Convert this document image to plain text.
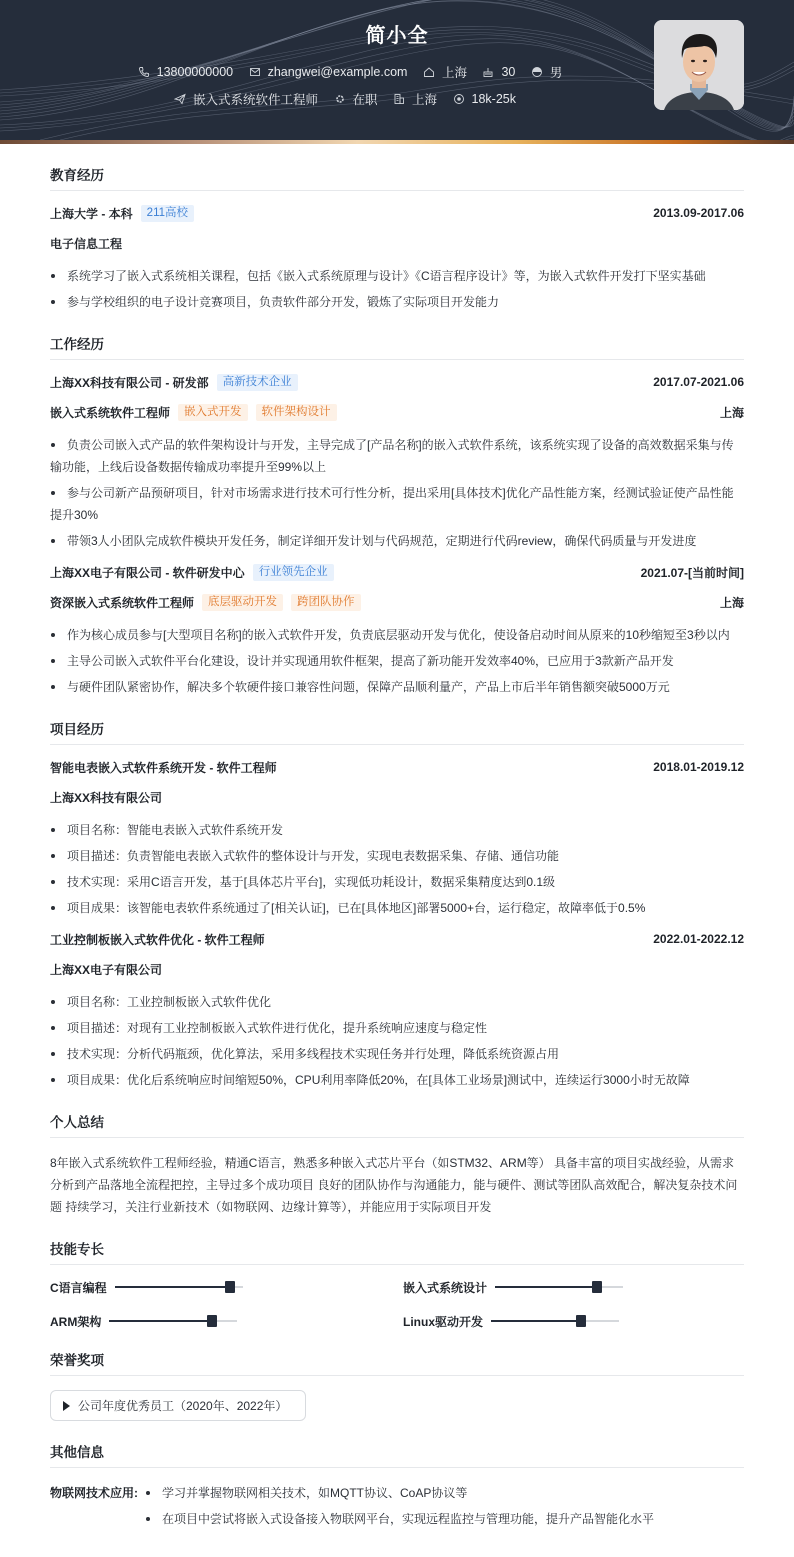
简小全
13800000000
	zhangwei@example.com
	上海
	30
	男
嵌入式系统软件工程师
	在职
	上海
	18k-25k
教育经历
上海大学 - 本科	211高校	2013.09-2017.06
电子信息工程
系统学习了嵌入式系统相关课程，包括《嵌入式系统原理与设计》《C语言程序设计》等，为嵌入式软件开发打下坚实基础
参与学校组织的电子设计竞赛项目，负责软件部分开发，锻炼了实际项目开发能力
工作经历
上海XX科技有限公司 - 研发部	高新技术企业	2017.07-2021.06
嵌入式系统软件工程师	嵌入式开发	软件架构设计	上海
负责公司嵌入式产品的软件架构设计与开发，主导完成了[产品名称]的嵌入式软件系统，该系统实现了设备的高效数据采集与传输功能，上线后设备数据传输成功率提升至99%以上
参与公司新产品预研项目，针对市场需求进行技术可行性分析，提出采用[具体技术]优化产品性能方案，经测试验证使产品性能提升30%
带领3人小团队完成软件模块开发任务，制定详细开发计划与代码规范，定期进行代码review，确保代码质量与开发进度
上海XX电子有限公司 - 软件研发中心	行业领先企业	2021.07-[当前时间]
资深嵌入式系统软件工程师	底层驱动开发	跨团队协作	上海
作为核心成员参与[大型项目名称]的嵌入式软件开发，负责底层驱动开发与优化，使设备启动时间从原来的10秒缩短至3秒以内
主导公司嵌入式软件平台化建设，设计并实现通用软件框架，提高了新功能开发效率40%，已应用于3款新产品开发
与硬件团队紧密协作，解决多个软硬件接口兼容性问题，保障产品顺利量产，产品上市后半年销售额突破5000万元
项目经历
智能电表嵌入式软件系统开发 - 软件工程师	2018.01-2019.12
上海XX科技有限公司
项目名称：智能电表嵌入式软件系统开发
项目描述：负责智能电表嵌入式软件的整体设计与开发，实现电表数据采集、存储、通信功能
技术实现：采用C语言开发，基于[具体芯片平台]，实现低功耗设计，数据采集精度达到0.1级
项目成果：该智能电表软件系统通过了[相关认证]，已在[具体地区]部署5000+台，运行稳定，故障率低于0.5%
工业控制板嵌入式软件优化 - 软件工程师	2022.01-2022.12
上海XX电子有限公司
项目名称：工业控制板嵌入式软件优化
项目描述：对现有工业控制板嵌入式软件进行优化，提升系统响应速度与稳定性
技术实现：分析代码瓶颈，优化算法，采用多线程技术实现任务并行处理，降低系统资源占用
项目成果：优化后系统响应时间缩短50%，CPU利用率降低20%，在[具体工业场景]测试中，连续运行3000小时无故障
个人总结

8年嵌入式系统软件工程师经验，精通C语言，熟悉多种嵌入式芯片平台（如STM32、ARM等） 具备丰富的项目实战经验，从需求分析到产品落地全流程把控，主导过多个成功项目 良好的团队协作与沟通能力，能与硬件、测试等团队高效配合，解决复杂技术问题 持续学习，关注行业新技术（如物联网、边缘计算等），并能应用于实际项目开发

技能专长
C语言编程	嵌入式系统设计
ARM架构	Linux驱动开发
荣誉奖项
公司年度优秀员工（2020年、2022年）
其他信息
物联网技术应用:	学习并掌握物联网相关技术，如MQTT协议、CoAP协议等
在项目中尝试将嵌入式设备接入物联网平台，实现远程监控与管理功能，提升产品智能化水平
